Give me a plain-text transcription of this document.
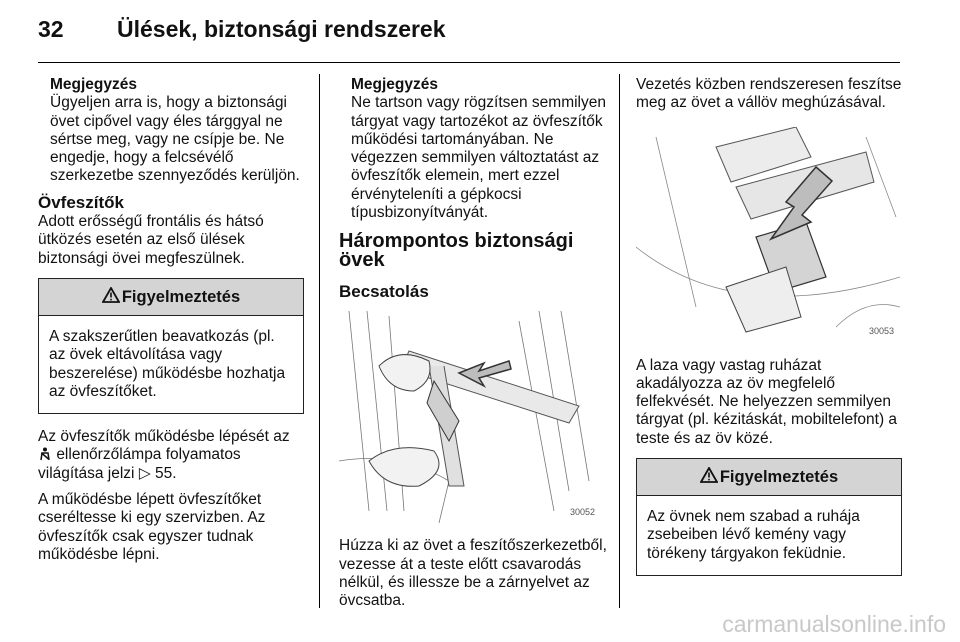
32 Ülések, biztonsági rendszerek
Megjegyzés
Ügyeljen arra is, hogy a biztonsági övet cipővel vagy éles tárggyal ne sértse meg, vagy ne csípje be. Ne engedje, hogy a felcsévélő szerkezetbe szennyeződés kerüljön.
Övfeszítők

Adott erősségű frontális és hátsó ütközés esetén az első ülések biztonsági övei megfeszülnek.

Figyelmeztetés
A szakszerűtlen beavatkozás (pl. az övek eltávolítása vagy beszerelése) működésbe hozhatja az övfeszítőket.

Az övfeszítők működésbe lépését az  ellenőrzőlámpa folyamatos világítása jelzi ▷ 55.

A működésbe lépett övfeszítőket cseréltesse ki egy szervizben. Az övfeszítők csak egyszer tudnak működésbe lépni.

Megjegyzés
Ne tartson vagy rögzítsen semmilyen tárgyat vagy tartozékot az övfeszítők működési tartományában. Ne végezzen semmilyen változtatást az övfeszítők elemein, mert ezzel érvényteleníti a gépkocsi típusbizonyítványát.
Hárompontos biztonsági övek
Becsatolás
30052

Húzza ki az övet a feszítőszerkezetből, vezesse át a teste előtt csavarodás nélkül, és illessze be a zárnyelvet az övcsatba.

Vezetés közben rendszeresen feszítse meg az övet a vállöv meghúzásával.

30053

A laza vagy vastag ruházat akadályozza az öv megfelelő felfekvését. Ne helyezzen semmilyen tárgyat (pl. kézitáskát, mobiltelefont) a teste és az öv közé.

Figyelmeztetés
Az övnek nem szabad a ruhája zsebeiben lévő kemény vagy törékeny tárgyakon feküdnie.
carmanualsonline.info
